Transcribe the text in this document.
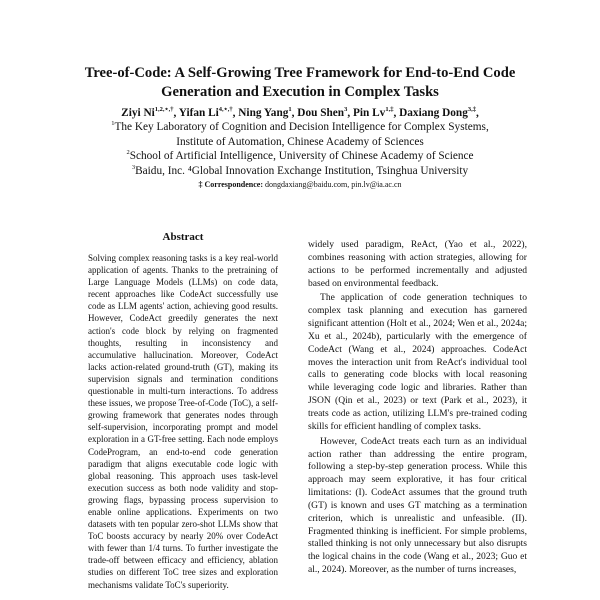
Tree-of-Code: A Self-Growing Tree Framework for End-to-End Code
Generation and Execution in Complex Tasks
Ziyi $Ni^{1,2,⋆,\dagger}$, Yifan $Li^{4,⋆,\dagger}$, Ning Yang$^1$, Dou Shen$^3$, Pin $Lv^{1,\ddagger}$, Daxiang Dong$^{3,\ddagger}$,
$^1$The Key Laboratory of Cognition and Decision Intelligence for Complex Systems,
Institute of Automation, Chinese Academy of Sciences
$^2$School of Artificial Intelligence, University of Chinese Academy of Science
$^3$Baidu, Inc. ⁴Global Innovation Exchange Institution, Tsinghua University
‡ Correspondence: dongdaxiang@baidu.com, pin.lv@ia.ac.cn
Abstract
Solving complex reasoning tasks is a key real-world application of agents. Thanks to the pretraining of Large Language Models (LLMs) on code data, recent approaches like CodeAct successfully use code as LLM agents' action, achieving good results. However, CodeAct greedily generates the next action's code block by relying on fragmented thoughts, resulting in inconsistency and accumulative hallucination. Moreover, CodeAct lacks action-related ground-truth (GT), making its supervision signals and termination conditions questionable in multi-turn interactions. To address these issues, we propose Tree-of-Code (ToC), a self-growing framework that generates nodes through self-supervision, incorporating prompt and model exploration in a GT-free setting. Each node employs CodeProgram, an end-to-end code generation paradigm that aligns executable code logic with global reasoning. This approach uses task-level execution success as both node validity and stop-growing flags, bypassing process supervision to enable online applications. Experiments on two datasets with ten popular zero-shot LLMs show that ToC boosts accuracy by nearly 20% over CodeAct with fewer than 1/4 turns. To further investigate the trade-off between efficacy and efficiency, ablation studies on different ToC tree sizes and exploration mechanisms validate ToC's superiority.

widely used paradigm, ReAct, (Yao et al., 2022), combines reasoning with action strategies, allowing for actions to be performed incrementally and adjusted based on environmental feedback.

The application of code generation techniques to complex task planning and execution has garnered significant attention (Holt et al., 2024; Wen et al., 2024a; Xu et al., 2024b), particularly with the emergence of CodeAct (Wang et al., 2024) approaches. CodeAct moves the interaction unit from ReAct's individual tool calls to generating code blocks with local reasoning while leveraging code logic and libraries. Rather than JSON (Qin et al., 2023) or text (Park et al., 2023), it treats code as action, utilizing LLM's pre-trained coding skills for efficient handling of complex tasks.

However, CodeAct treats each turn as an individual action rather than addressing the entire program, following a step-by-step generation process. While this approach may seem explorative, it has four critical limitations: (I). CodeAct assumes that the ground truth (GT) is known and uses GT matching as a termination criterion, which is unrealistic and unfeasible. (II). Fragmented thinking is inefficient. For simple problems, stalled thinking is not only unnecessary but also disrupts the logical chains in the code (Wang et al., 2023; Guo et al., 2024). Moreover, as the number of turns increases,
